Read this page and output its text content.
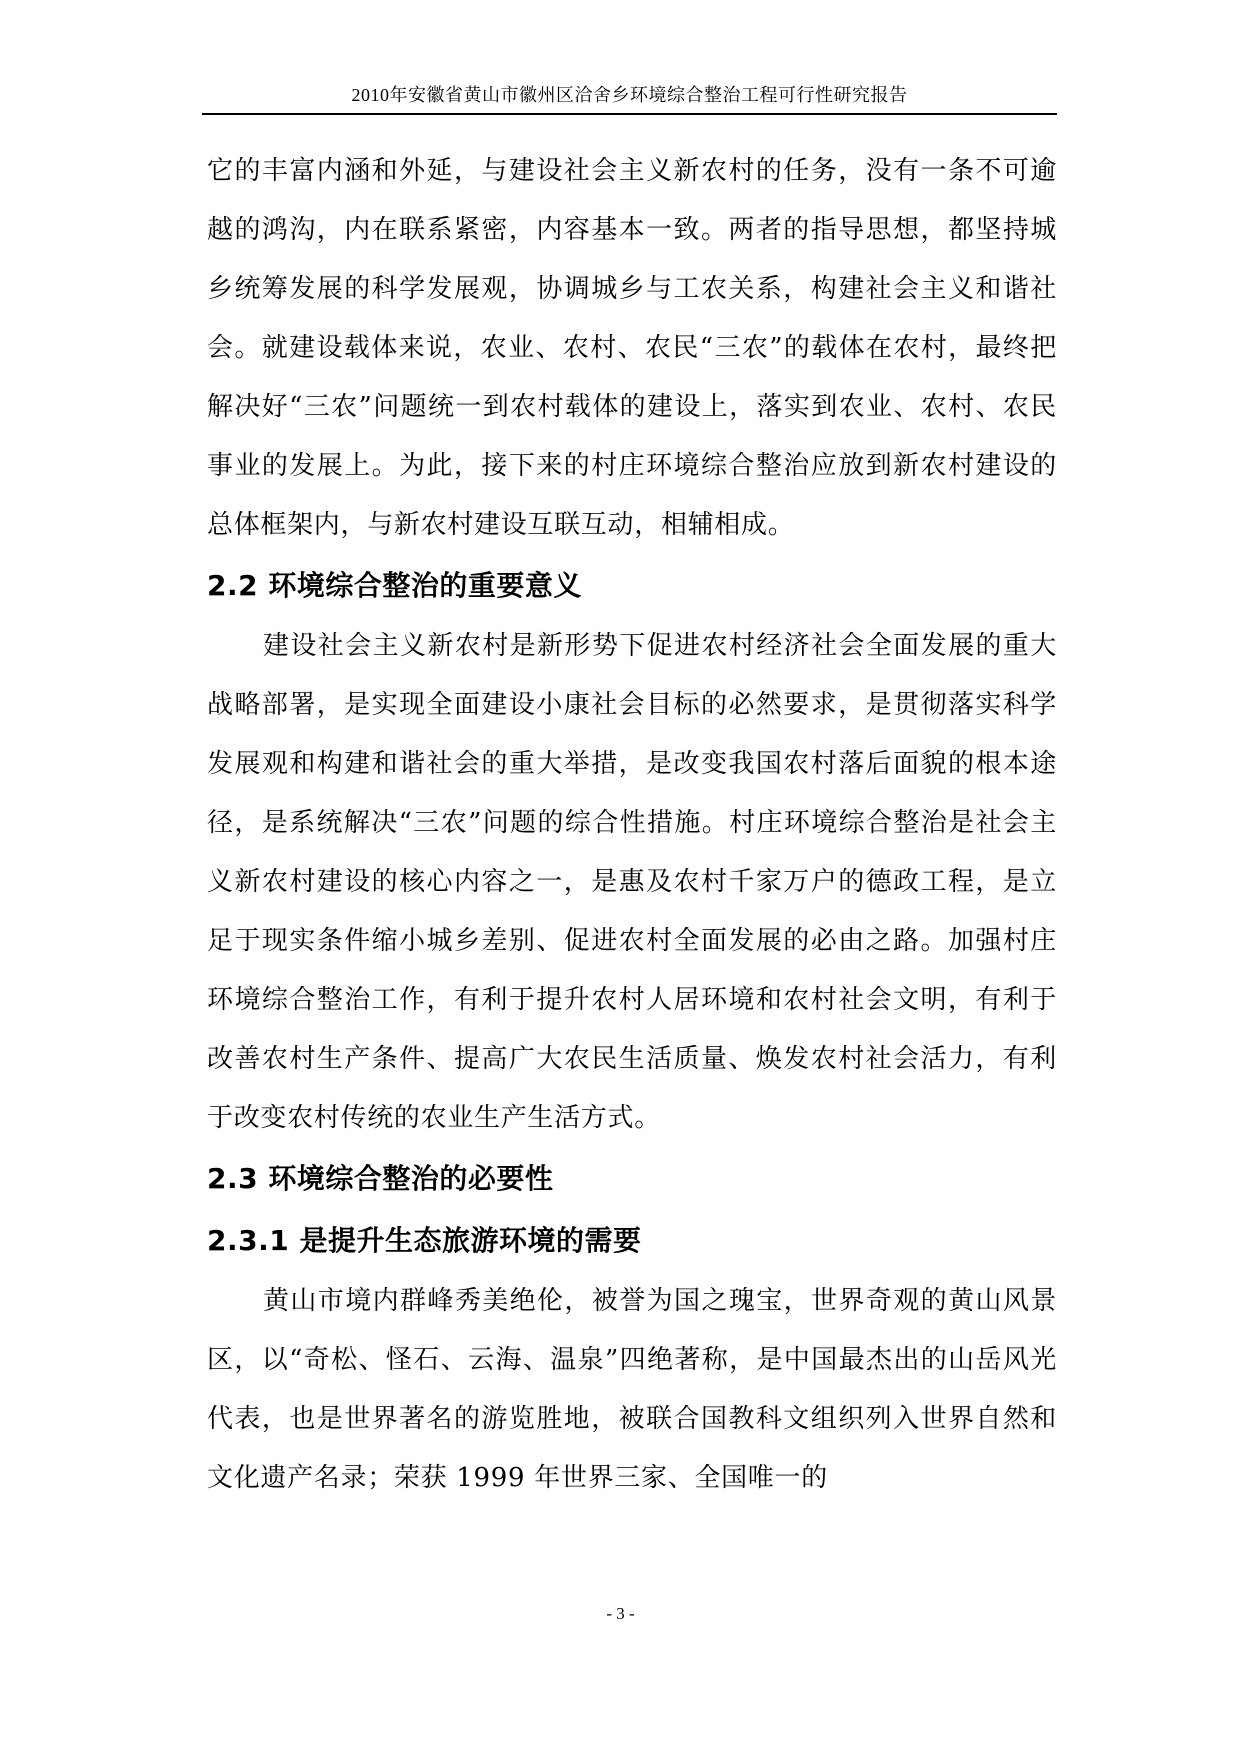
2010年安徽省黄山市徽州区洽舍乡环境综合整治工程可行性研究报告

它的丰富内涵和外延，与建设社会主义新农村的任务，没有一条不可逾越的鸿沟，内在联系紧密，内容基本一致。两者的指导思想，都坚持城乡统筹发展的科学发展观，协调城乡与工农关系，构建社会主义和谐社会。就建设载体来说，农业、农村、农民“三农”的载体在农村，最终把解决好“三农”问题统一到农村载体的建设上，落实到农业、农村、农民事业的发展上。为此，接下来的村庄环境综合整治应放到新农村建设的总体框架内，与新农村建设互联互动，相辅相成。

2.2 环境综合整治的重要意义

建设社会主义新农村是新形势下促进农村经济社会全面发展的重大战略部署，是实现全面建设小康社会目标的必然要求，是贯彻落实科学发展观和构建和谐社会的重大举措，是改变我国农村落后面貌的根本途径，是系统解决“三农”问题的综合性措施。村庄环境综合整治是社会主义新农村建设的核心内容之一，是惠及农村千家万户的德政工程，是立足于现实条件缩小城乡差别、促进农村全面发展的必由之路。加强村庄环境综合整治工作，有利于提升农村人居环境和农村社会文明，有利于改善农村生产条件、提高广大农民生活质量、焕发农村社会活力，有利于改变农村传统的农业生产生活方式。

2.3 环境综合整治的必要性
2.3.1 是提升生态旅游环境的需要

黄山市境内群峰秀美绝伦，被誉为国之瑰宝，世界奇观的黄山风景区，以“奇松、怪石、云海、温泉”四绝著称，是中国最杰出的山岳风光代表，也是世界著名的游览胜地，被联合国教科文组织列入世界自然和文化遗产名录；荣获 1999 年世界三家、全国唯一的

- 3 -
